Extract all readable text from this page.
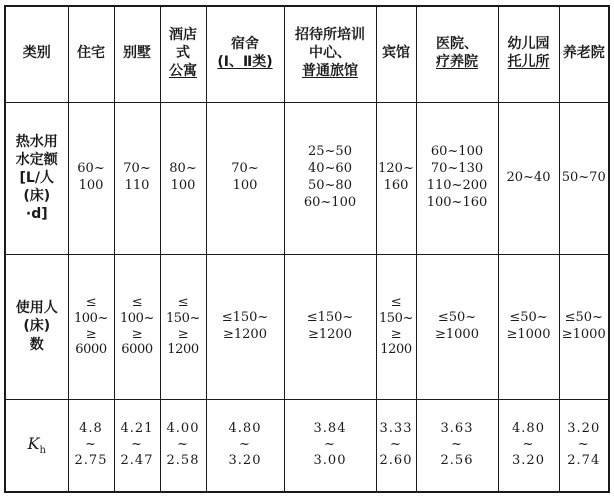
类别	住宅	别墅	酒店
式
公寓	宿舍
(Ⅰ、Ⅱ类)	招待所培训
中心、
普通旅馆	宾馆	医院、
疗养院	幼儿园
托儿所	养老院

热水用
水定额
[L/人
(床)
·d]	60~
100	70~
110	80~
100	70~
100	25~50
40~60
50~80
60~100	120~
160	60~100
70~130
110~200
100~160	20~40	50~70

使用人
(床)
数	≤
100~
≥
6000	≤
100~
≥
6000	≤
150~
≥
1200	≤150~
≥1200	≤150~
≥1200	≤
150~
≥
1200	≤50~
≥1000	≤50~
≥1000	≤50~
≥1000

$K_h$	4.8
~
2.75	4.21
~
2.47	4.00
~
2.58	4.80
~
3.20	3.84
~
3.00	3.33
~
2.60	3.63
~
2.56	4.80
~
3.20	3.20
~
2.74
